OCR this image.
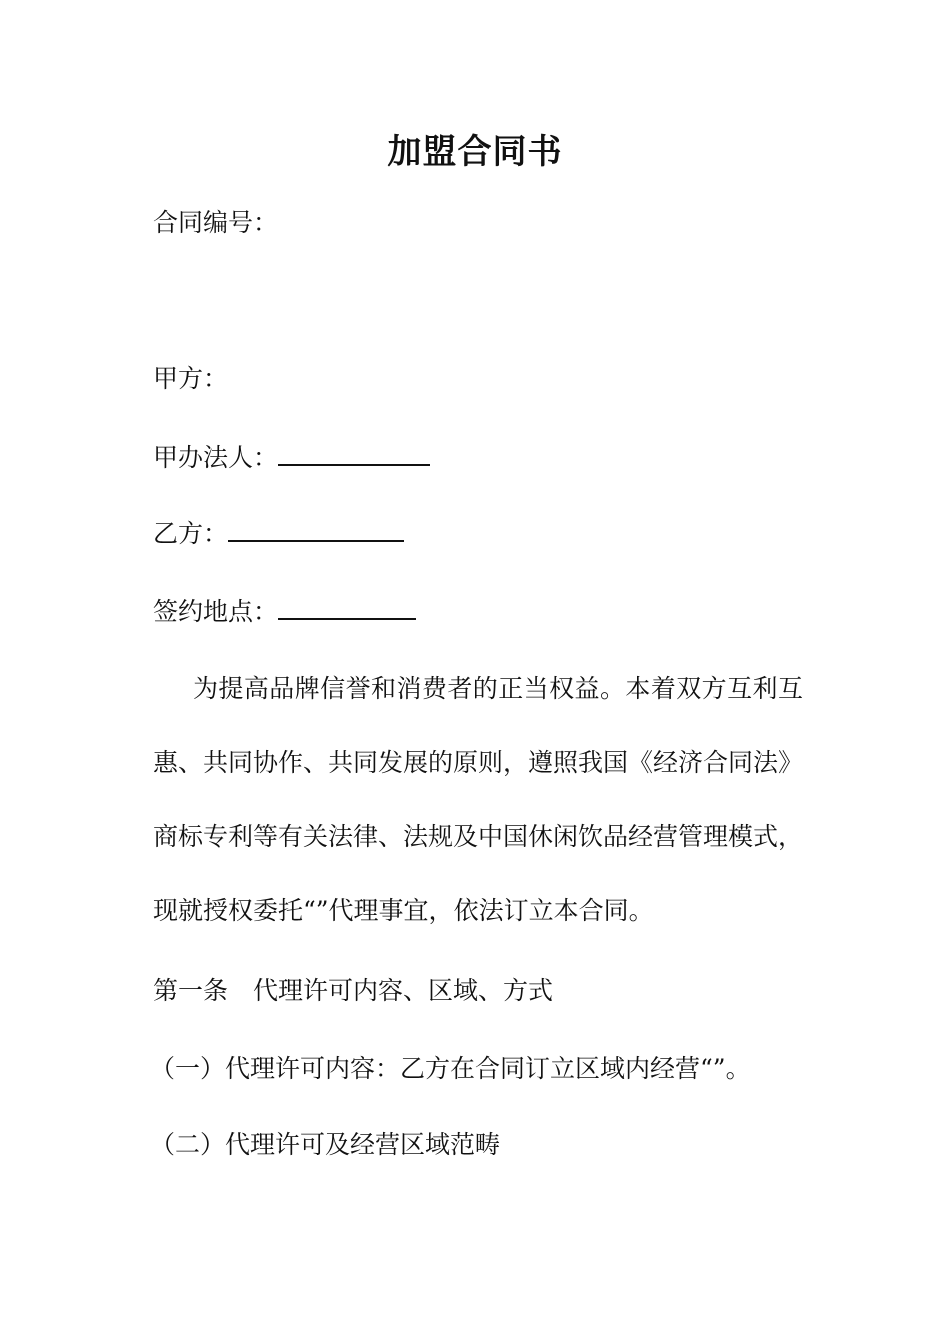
加盟合同书
合同编号：
甲方：
甲办法人：
乙方：
签约地点：
为提高品牌信誉和消费者的正当权益。本着双方互利互惠、共同协作、共同发展的原则，遵照我国《经济合同法》商标专利等有关法律、法规及中国休闲饮品经营管理模式，现就授权委托“”代理事宜，依法订立本合同。
第一条　代理许可内容、区域、方式
（一）代理许可内容：乙方在合同订立区域内经营“”。
（二）代理许可及经营区域范畴
